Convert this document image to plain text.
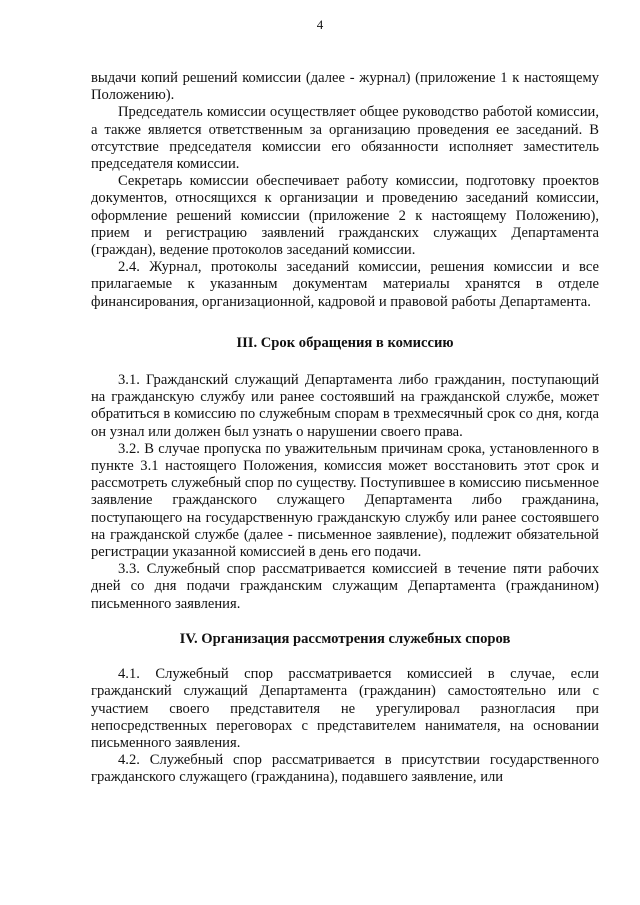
4

выдачи копий решений комиссии (далее - журнал) (приложение 1 к настоящему Положению).

Председатель комиссии осуществляет общее руководство работой комиссии, а также является ответственным за организацию проведения ее заседаний. В отсутствие председателя комиссии его обязанности исполняет заместитель председателя комиссии.

Секретарь комиссии обеспечивает работу комиссии, подготовку проектов документов, относящихся к организации и проведению заседаний комиссии, оформление решений комиссии (приложение 2 к настоящему Положению), прием и регистрацию заявлений гражданских служащих Департамента (граждан), ведение протоколов заседаний комиссии.

2.4. Журнал, протоколы заседаний комиссии, решения комиссии и все прилагаемые к указанным документам материалы хранятся в отделе финансирования, организационной, кадровой и правовой работы Департамента.

III. Срок обращения в комиссию

3.1. Гражданский служащий Департамента либо гражданин, поступающий на гражданскую службу или ранее состоявший на гражданской службе, может обратиться в комиссию по служебным спорам в трехмесячный срок со дня, когда он узнал или должен был узнать о нарушении своего права.

3.2. В случае пропуска по уважительным причинам срока, установленного в пункте 3.1 настоящего Положения, комиссия может восстановить этот срок и рассмотреть служебный спор по существу. Поступившее в комиссию письменное заявление гражданского служащего Департамента либо гражданина, поступающего на государственную гражданскую службу или ранее состоявшего на гражданской службе (далее - письменное заявление), подлежит обязательной регистрации указанной комиссией в день его подачи.

3.3. Служебный спор рассматривается комиссией в течение пяти рабочих дней со дня подачи гражданским служащим Департамента (гражданином) письменного заявления.

IV. Организация рассмотрения служебных споров

4.1. Служебный спор рассматривается комиссией в случае, если гражданский служащий Департамента (гражданин) самостоятельно или с участием своего представителя не урегулировал разногласия при непосредственных переговорах с представителем нанимателя, на основании письменного заявления.

4.2. Служебный спор рассматривается в присутствии государственного гражданского служащего (гражданина), подавшего заявление, или
